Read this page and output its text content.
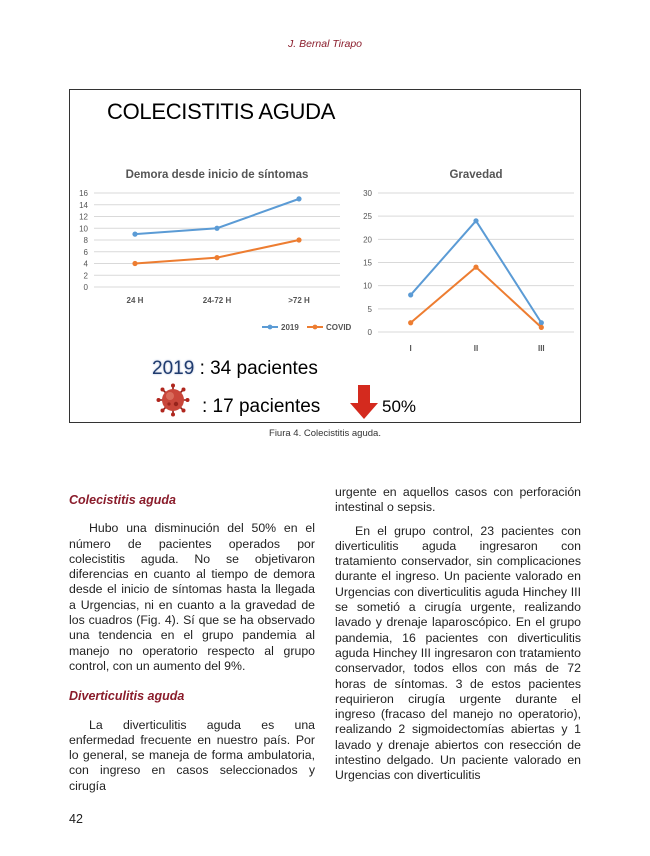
J. Bernal Tirapo
COLECISTITIS AGUDA
Demora desde inicio de síntomas
0
2
4
6
8
10
12
14
16
24 H	24-72 H	>72 H
2019	COVID
Gravedad
0
5
10
15
20
25
30
I	II	III
2019 : 34 pacientes
: 17 pacientes	50%
Fiura 4. Colecistitis aguda.
Colecistitis aguda

Hubo una disminución del 50% en el número de pacientes operados por colecistitis aguda. No se objetivaron diferencias en cuanto al tiempo de demora desde el inicio de síntomas hasta la llegada a Urgencias, ni en cuanto a la gravedad de los cuadros (Fig. 4). Sí que se ha observado una tendencia en el grupo pandemia al manejo no operatorio respecto al grupo control, con un aumento del 9%.

Diverticulitis aguda

La diverticulitis aguda es una enfermedad frecuente en nuestro país. Por lo general, se maneja de forma ambulatoria, con ingreso en casos seleccionados y cirugía

urgente en aquellos casos con perforación intestinal o sepsis.

En el grupo control, 23 pacientes con diverticulitis aguda ingresaron con tratamiento conservador, sin complicaciones durante el ingreso. Un paciente valorado en Urgencias con diverticulitis aguda Hinchey III se sometió a cirugía urgente, realizando lavado y drenaje laparoscópico. En el grupo pandemia, 16 pacientes con diverticulitis aguda Hinchey III ingresaron con tratamiento conservador, todos ellos con más de 72 horas de síntomas. 3 de estos pacientes requirieron cirugía urgente durante el ingreso (fracaso del manejo no operatorio), realizando 2 sigmoidectomías abiertas y 1 lavado y drenaje abiertos con resección de intestino delgado. Un paciente valorado en Urgencias con diverticulitis

42
